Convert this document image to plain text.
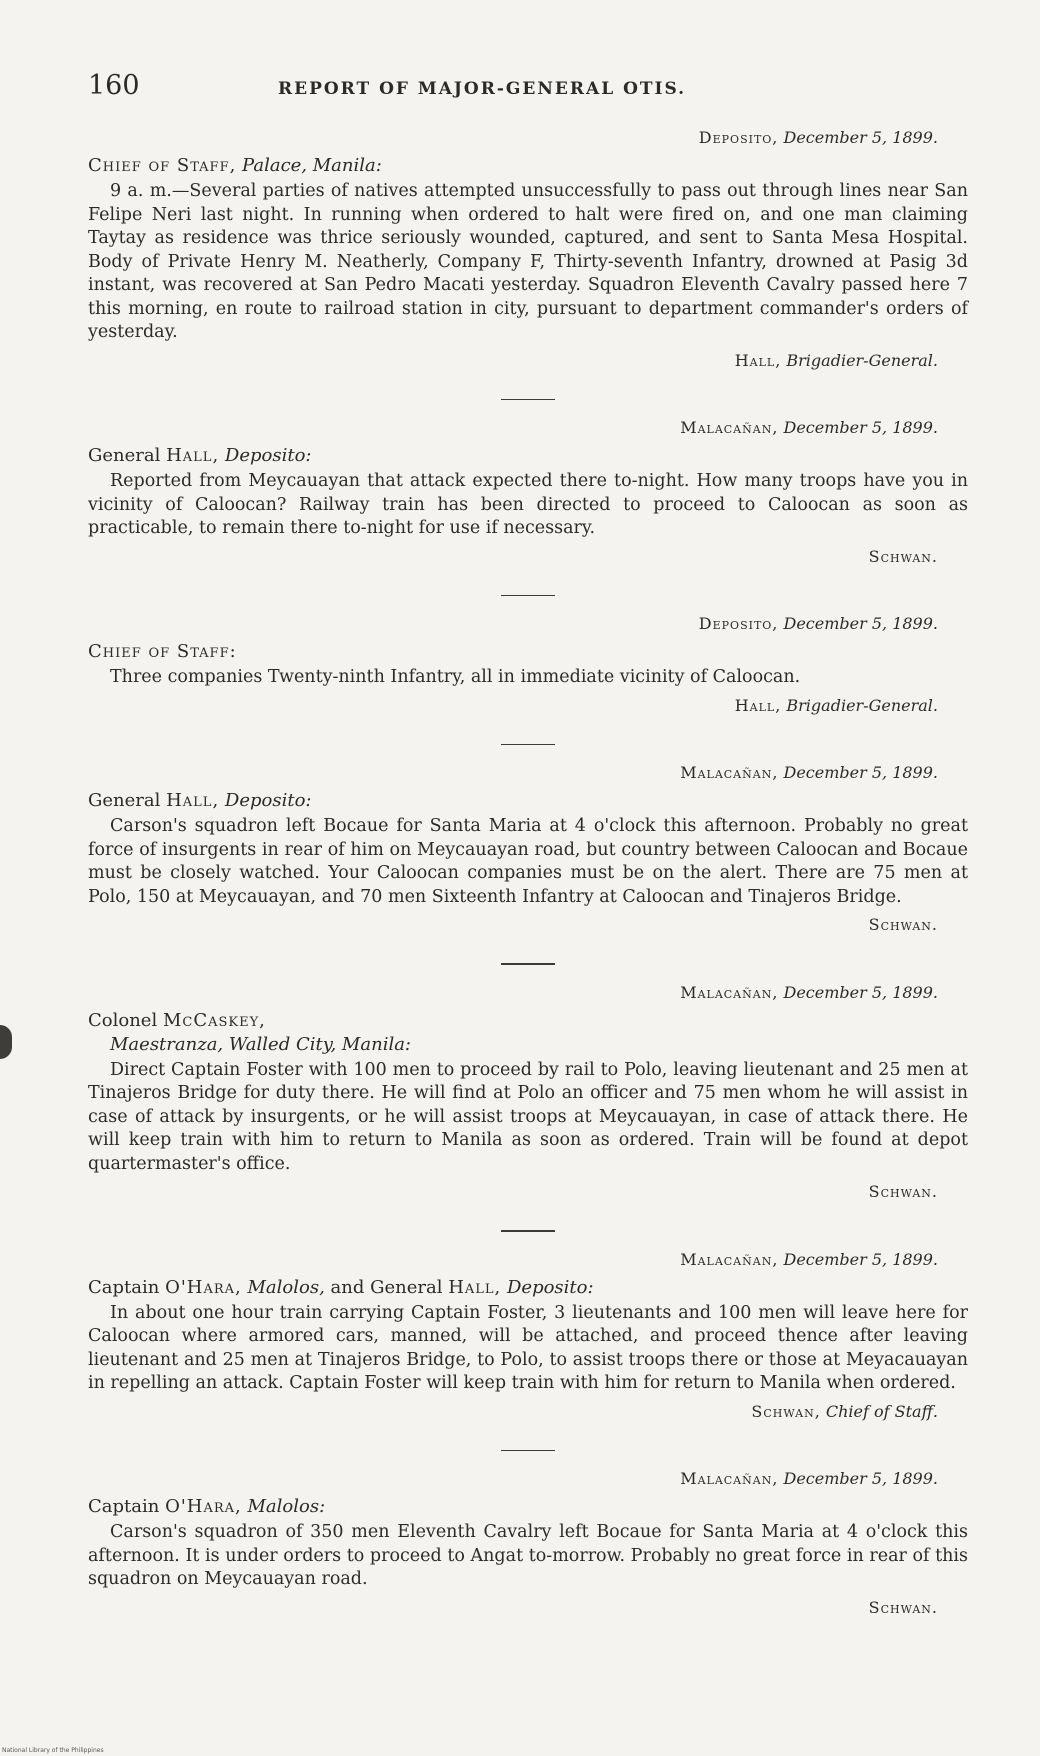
160	REPORT OF MAJOR-GENERAL OTIS.
Deposito, December 5, 1899.
Chief of Staff, Palace, Manila:

9 a. m.—Several parties of natives attempted unsuccessfully to pass out through lines near San Felipe Neri last night. In running when ordered to halt were fired on, and one man claiming Taytay as residence was thrice seriously wounded, captured, and sent to Santa Mesa Hospital. Body of Private Henry M. Neatherly, Company F, Thirty-seventh Infantry, drowned at Pasig 3d instant, was recovered at San Pedro Macati yesterday. Squadron Eleventh Cavalry passed here 7 this morning, en route to railroad station in city, pursuant to department commander's orders of yesterday.

Hall, Brigadier-General.
Malacañan, December 5, 1899.
General Hall, Deposito:

Reported from Meycauayan that attack expected there to-night. How many troops have you in vicinity of Caloocan? Railway train has been directed to proceed to Caloocan as soon as practicable, to remain there to-night for use if necessary.

Schwan.
Deposito, December 5, 1899.
Chief of Staff:

Three companies Twenty-ninth Infantry, all in immediate vicinity of Caloocan.

Hall, Brigadier-General.
Malacañan, December 5, 1899.
General Hall, Deposito:

Carson's squadron left Bocaue for Santa Maria at 4 o'clock this afternoon. Probably no great force of insurgents in rear of him on Meycauayan road, but country between Caloocan and Bocaue must be closely watched. Your Caloocan companies must be on the alert. There are 75 men at Polo, 150 at Meycauayan, and 70 men Sixteenth Infantry at Caloocan and Tinajeros Bridge.

Schwan.
Malacañan, December 5, 1899.
Colonel McCaskey,
Maestranza, Walled City, Manila:

Direct Captain Foster with 100 men to proceed by rail to Polo, leaving lieutenant and 25 men at Tinajeros Bridge for duty there. He will find at Polo an officer and 75 men whom he will assist in case of attack by insurgents, or he will assist troops at Meycauayan, in case of attack there. He will keep train with him to return to Manila as soon as ordered. Train will be found at depot quartermaster's office.

Schwan.
Malacañan, December 5, 1899.
Captain O'Hara, Malolos, and General Hall, Deposito:

In about one hour train carrying Captain Foster, 3 lieutenants and 100 men will leave here for Caloocan where armored cars, manned, will be attached, and proceed thence after leaving lieutenant and 25 men at Tinajeros Bridge, to Polo, to assist troops there or those at Meyacauayan in repelling an attack. Captain Foster will keep train with him for return to Manila when ordered.

Schwan, Chief of Staff.
Malacañan, December 5, 1899.
Captain O'Hara, Malolos:

Carson's squadron of 350 men Eleventh Cavalry left Bocaue for Santa Maria at 4 o'clock this afternoon. It is under orders to proceed to Angat to-morrow. Probably no great force in rear of this squadron on Meycauayan road.

Schwan.
National Library of the Philippines
